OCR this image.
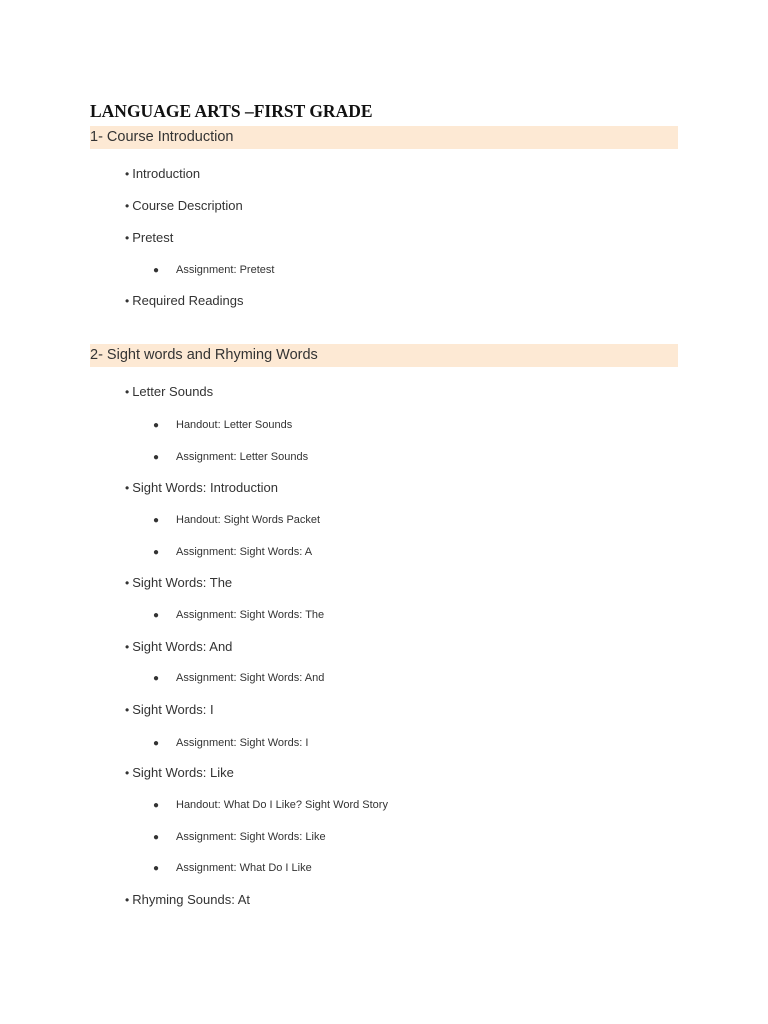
LANGUAGE ARTS –FIRST GRADE
1- Course Introduction
• Introduction
• Course Description
• Pretest
● Assignment: Pretest
• Required Readings
2- Sight words and Rhyming Words
• Letter Sounds
● Handout: Letter Sounds
● Assignment: Letter Sounds
• Sight Words: Introduction
● Handout: Sight Words Packet
● Assignment: Sight Words: A
• Sight Words: The
● Assignment: Sight Words: The
• Sight Words: And
● Assignment: Sight Words: And
• Sight Words: I
● Assignment: Sight Words: I
• Sight Words: Like
● Handout: What Do I Like? Sight Word Story
● Assignment: Sight Words: Like
● Assignment: What Do I Like
• Rhyming Sounds: At
